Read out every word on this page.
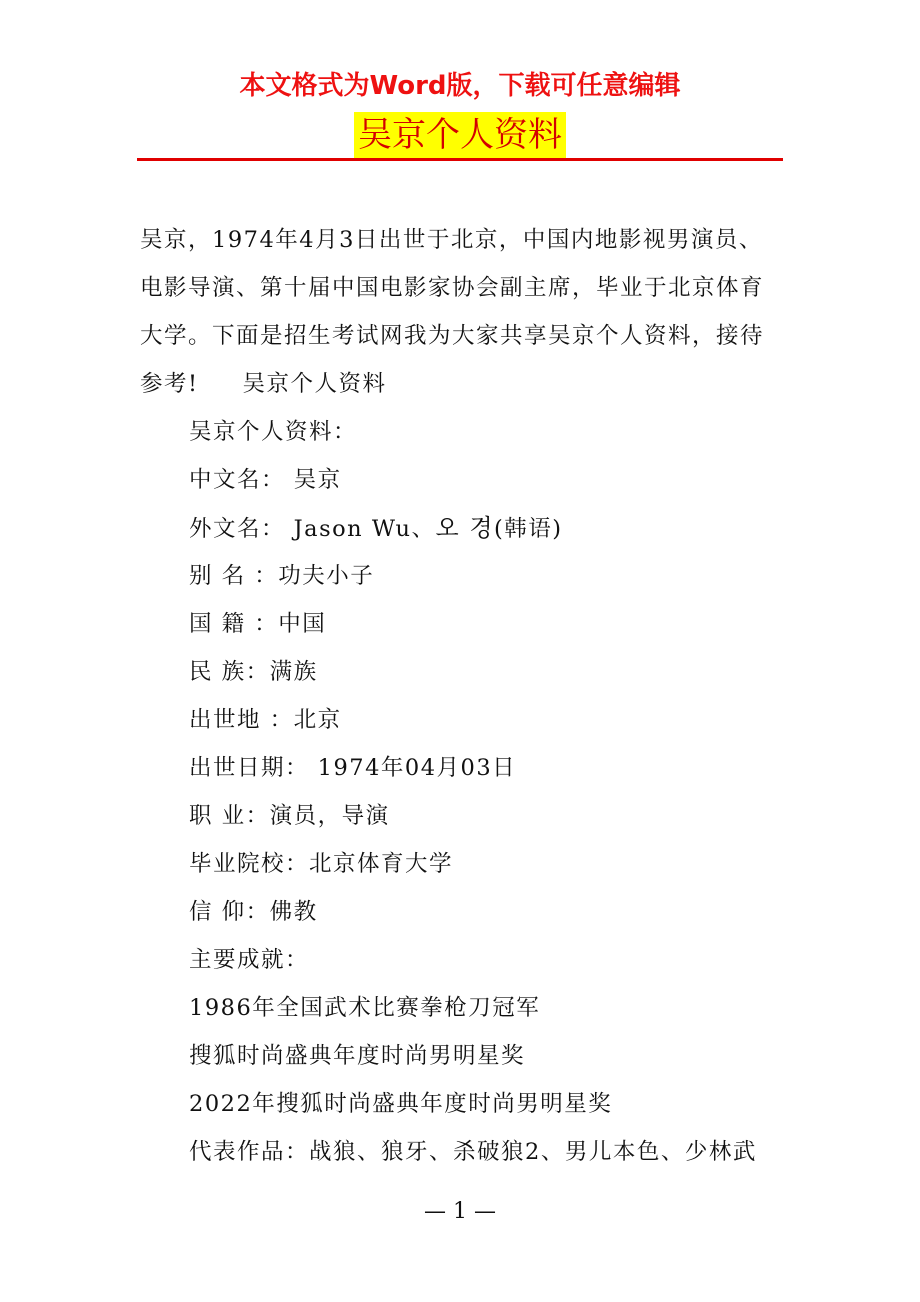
本文格式为Word版，下载可任意编辑
吴京个人资料
吴京，1974年4月3日出世于北京，中国内地影视男演员、电影导演、第十届中国电影家协会副主席，毕业于北京体育大学。下面是招生考试网我为大家共享吴京个人资料，接待参考! 吴京个人资料
吴京个人资料：
中文名： 吴京
外文名： Jason Wu、오 경(韩语)
别 名 ：功夫小子
国 籍 ：中国
民 族：满族
出世地 ：北京
出世日期： 1974年04月03日
职 业：演员，导演
毕业院校：北京体育大学
信 仰：佛教
主要成就：
1986年全国武术比赛拳枪刀冠军
搜狐时尚盛典年度时尚男明星奖
2022年搜狐时尚盛典年度时尚男明星奖
代表作品：战狼、狼牙、杀破狼2、男儿本色、少林武
— 1 —
